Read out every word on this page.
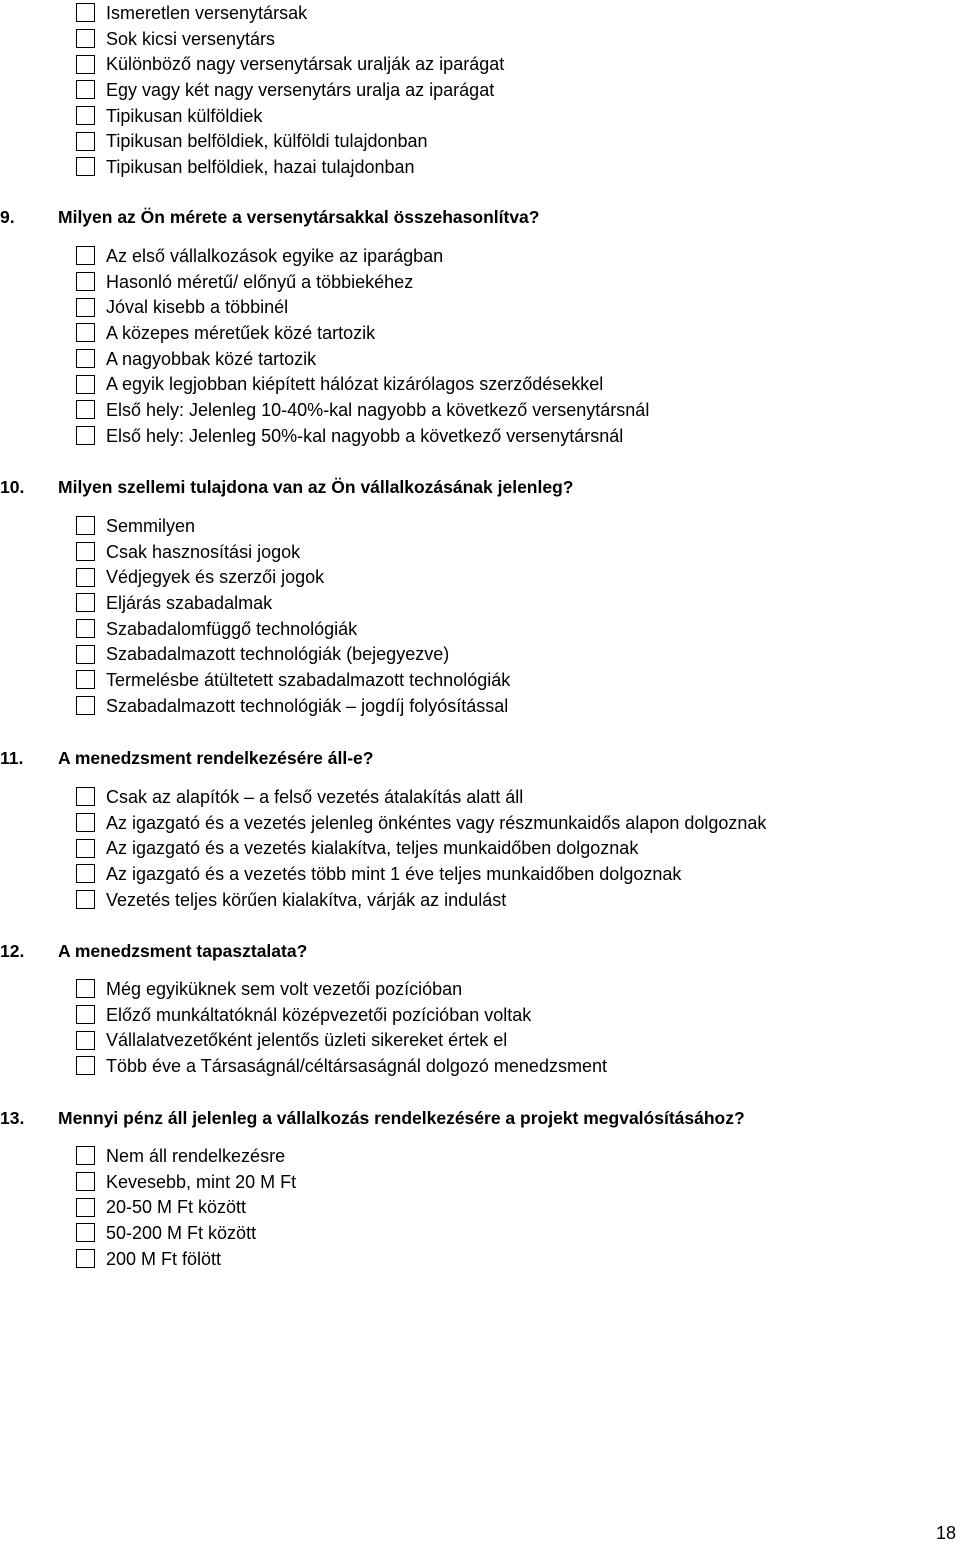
Ismeretlen versenytársak
Sok kicsi versenytárs
Különböző nagy versenytársak uralják az iparágat
Egy vagy két nagy versenytárs uralja az iparágat
Tipikusan külföldiek
Tipikusan belföldiek, külföldi tulajdonban
Tipikusan belföldiek, hazai tulajdonban
9.	Milyen az Ön mérete a versenytársakkal összehasonlítva?
Az első vállalkozások egyike az iparágban
Hasonló méretű/ előnyű a többiekéhez
Jóval kisebb a többinél
A közepes méretűek közé tartozik
A nagyobbak közé tartozik
A egyik legjobban kiépített hálózat kizárólagos szerződésekkel
Első hely: Jelenleg 10-40%-kal nagyobb a következő versenytársnál
Első hely: Jelenleg 50%-kal nagyobb a következő versenytársnál
10.	Milyen szellemi tulajdona van az Ön vállalkozásának jelenleg?
Semmilyen
Csak hasznosítási jogok
Védjegyek és szerzői jogok
Eljárás szabadalmak
Szabadalomfüggő technológiák
Szabadalmazott technológiák (bejegyezve)
Termelésbe átültetett szabadalmazott technológiák
Szabadalmazott technológiák – jogdíj folyósítással
11.	A menedzsment rendelkezésére áll-e?
Csak az alapítók – a felső vezetés átalakítás alatt áll
Az igazgató és a vezetés jelenleg önkéntes vagy részmunkaidős alapon dolgoznak
Az igazgató és a vezetés kialakítva, teljes munkaidőben dolgoznak
Az igazgató és a vezetés több mint 1 éve teljes munkaidőben dolgoznak
Vezetés teljes körűen kialakítva, várják az indulást
12.	A menedzsment tapasztalata?
Még egyiküknek sem volt vezetői pozícióban
Előző munkáltatóknál középvezetői pozícióban voltak
Vállalatvezetőként jelentős üzleti sikereket értek el
Több éve a Társaságnál/céltársaságnál dolgozó menedzsment
13.	Mennyi pénz áll jelenleg a vállalkozás rendelkezésére a projekt megvalósításához?
Nem áll rendelkezésre
Kevesebb, mint 20 M Ft
20-50 M Ft között
50-200 M Ft között
200 M Ft fölött
18
